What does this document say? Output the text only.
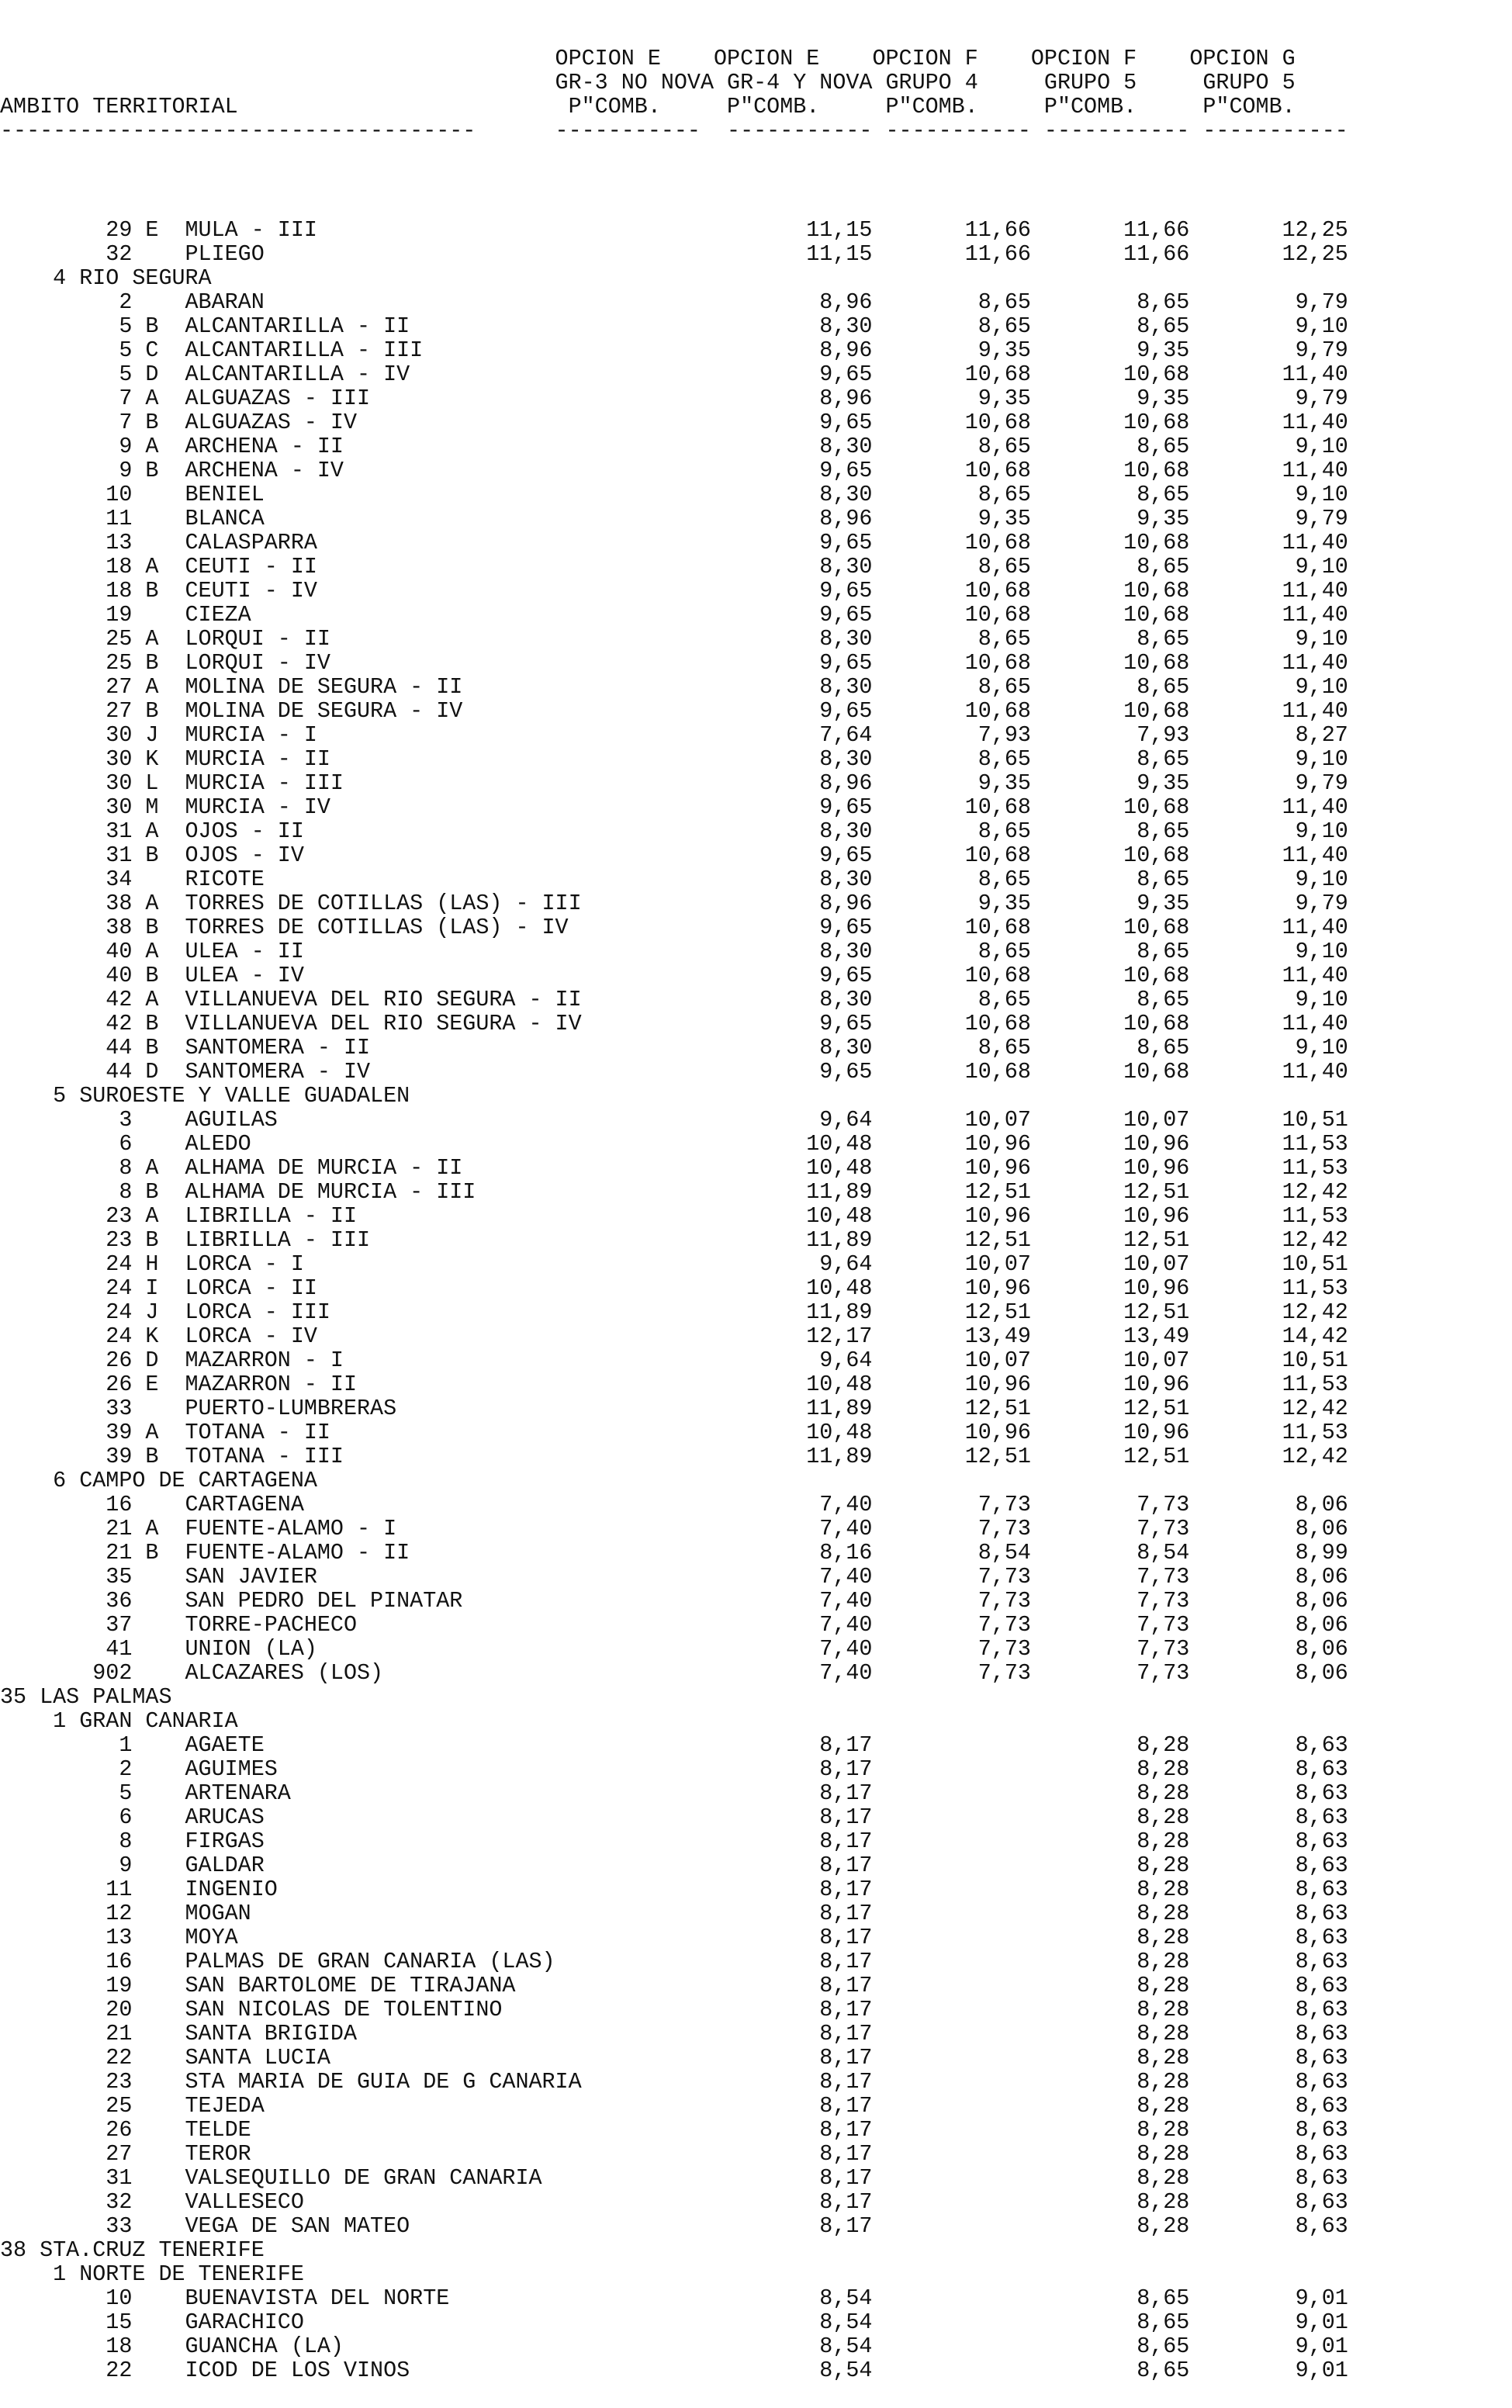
OPCION E    OPCION E    OPCION F    OPCION F    OPCION G
GR-3 NO NOVA GR-4 Y NOVA GRUPO 4     GRUPO 5     GRUPO 5
AMBITO TERRITORIAL                         P"COMB.     P"COMB.     P"COMB.     P"COMB.     P"COMB.
------------------------------------      -----------  ----------- ----------- ----------- -----------

29 E  MULA - III                                     11,15       11,66       11,66       12,25
32    PLIEGO                                         11,15       11,66       11,66       12,25
4 RIO SEGURA
2    ABARAN                                          8,96        8,65        8,65        9,79
5 B  ALCANTARILLA - II                               8,30        8,65        8,65        9,10
5 C  ALCANTARILLA - III                              8,96        9,35        9,35        9,79
5 D  ALCANTARILLA - IV                               9,65       10,68       10,68       11,40
7 A  ALGUAZAS - III                                  8,96        9,35        9,35        9,79
7 B  ALGUAZAS - IV                                   9,65       10,68       10,68       11,40
9 A  ARCHENA - II                                    8,30        8,65        8,65        9,10
9 B  ARCHENA - IV                                    9,65       10,68       10,68       11,40
10    BENIEL                                          8,30        8,65        8,65        9,10
11    BLANCA                                          8,96        9,35        9,35        9,79
13    CALASPARRA                                      9,65       10,68       10,68       11,40
18 A  CEUTI - II                                      8,30        8,65        8,65        9,10
18 B  CEUTI - IV                                      9,65       10,68       10,68       11,40
19    CIEZA                                           9,65       10,68       10,68       11,40
25 A  LORQUI - II                                     8,30        8,65        8,65        9,10
25 B  LORQUI - IV                                     9,65       10,68       10,68       11,40
27 A  MOLINA DE SEGURA - II                           8,30        8,65        8,65        9,10
27 B  MOLINA DE SEGURA - IV                           9,65       10,68       10,68       11,40
30 J  MURCIA - I                                      7,64        7,93        7,93        8,27
30 K  MURCIA - II                                     8,30        8,65        8,65        9,10
30 L  MURCIA - III                                    8,96        9,35        9,35        9,79
30 M  MURCIA - IV                                     9,65       10,68       10,68       11,40
31 A  OJOS - II                                       8,30        8,65        8,65        9,10
31 B  OJOS - IV                                       9,65       10,68       10,68       11,40
34    RICOTE                                          8,30        8,65        8,65        9,10
38 A  TORRES DE COTILLAS (LAS) - III                  8,96        9,35        9,35        9,79
38 B  TORRES DE COTILLAS (LAS) - IV                   9,65       10,68       10,68       11,40
40 A  ULEA - II                                       8,30        8,65        8,65        9,10
40 B  ULEA - IV                                       9,65       10,68       10,68       11,40
42 A  VILLANUEVA DEL RIO SEGURA - II                  8,30        8,65        8,65        9,10
42 B  VILLANUEVA DEL RIO SEGURA - IV                  9,65       10,68       10,68       11,40
44 B  SANTOMERA - II                                  8,30        8,65        8,65        9,10
44 D  SANTOMERA - IV                                  9,65       10,68       10,68       11,40
5 SUROESTE Y VALLE GUADALEN
3    AGUILAS                                         9,64       10,07       10,07       10,51
6    ALEDO                                          10,48       10,96       10,96       11,53
8 A  ALHAMA DE MURCIA - II                          10,48       10,96       10,96       11,53
8 B  ALHAMA DE MURCIA - III                         11,89       12,51       12,51       12,42
23 A  LIBRILLA - II                                  10,48       10,96       10,96       11,53
23 B  LIBRILLA - III                                 11,89       12,51       12,51       12,42
24 H  LORCA - I                                       9,64       10,07       10,07       10,51
24 I  LORCA - II                                     10,48       10,96       10,96       11,53
24 J  LORCA - III                                    11,89       12,51       12,51       12,42
24 K  LORCA - IV                                     12,17       13,49       13,49       14,42
26 D  MAZARRON - I                                    9,64       10,07       10,07       10,51
26 E  MAZARRON - II                                  10,48       10,96       10,96       11,53
33    PUERTO-LUMBRERAS                               11,89       12,51       12,51       12,42
39 A  TOTANA - II                                    10,48       10,96       10,96       11,53
39 B  TOTANA - III                                   11,89       12,51       12,51       12,42
6 CAMPO DE CARTAGENA
16    CARTAGENA                                       7,40        7,73        7,73        8,06
21 A  FUENTE-ALAMO - I                                7,40        7,73        7,73        8,06
21 B  FUENTE-ALAMO - II                               8,16        8,54        8,54        8,99
35    SAN JAVIER                                      7,40        7,73        7,73        8,06
36    SAN PEDRO DEL PINATAR                           7,40        7,73        7,73        8,06
37    TORRE-PACHECO                                   7,40        7,73        7,73        8,06
41    UNION (LA)                                      7,40        7,73        7,73        8,06
902    ALCAZARES (LOS)                                 7,40        7,73        7,73        8,06
35 LAS PALMAS
1 GRAN CANARIA
1    AGAETE                                          8,17                    8,28        8,63
2    AGUIMES                                         8,17                    8,28        8,63
5    ARTENARA                                        8,17                    8,28        8,63
6    ARUCAS                                          8,17                    8,28        8,63
8    FIRGAS                                          8,17                    8,28        8,63
9    GALDAR                                          8,17                    8,28        8,63
11    INGENIO                                         8,17                    8,28        8,63
12    MOGAN                                           8,17                    8,28        8,63
13    MOYA                                            8,17                    8,28        8,63
16    PALMAS DE GRAN CANARIA (LAS)                    8,17                    8,28        8,63
19    SAN BARTOLOME DE TIRAJANA                       8,17                    8,28        8,63
20    SAN NICOLAS DE TOLENTINO                        8,17                    8,28        8,63
21    SANTA BRIGIDA                                   8,17                    8,28        8,63
22    SANTA LUCIA                                     8,17                    8,28        8,63
23    STA MARIA DE GUIA DE G CANARIA                  8,17                    8,28        8,63
25    TEJEDA                                          8,17                    8,28        8,63
26    TELDE                                           8,17                    8,28        8,63
27    TEROR                                           8,17                    8,28        8,63
31    VALSEQUILLO DE GRAN CANARIA                     8,17                    8,28        8,63
32    VALLESECO                                       8,17                    8,28        8,63
33    VEGA DE SAN MATEO                               8,17                    8,28        8,63
38 STA.CRUZ TENERIFE
1 NORTE DE TENERIFE
10    BUENAVISTA DEL NORTE                            8,54                    8,65        9,01
15    GARACHICO                                       8,54                    8,65        9,01
18    GUANCHA (LA)                                    8,54                    8,65        9,01
22    ICOD DE LOS VINOS                               8,54                    8,65        9,01
